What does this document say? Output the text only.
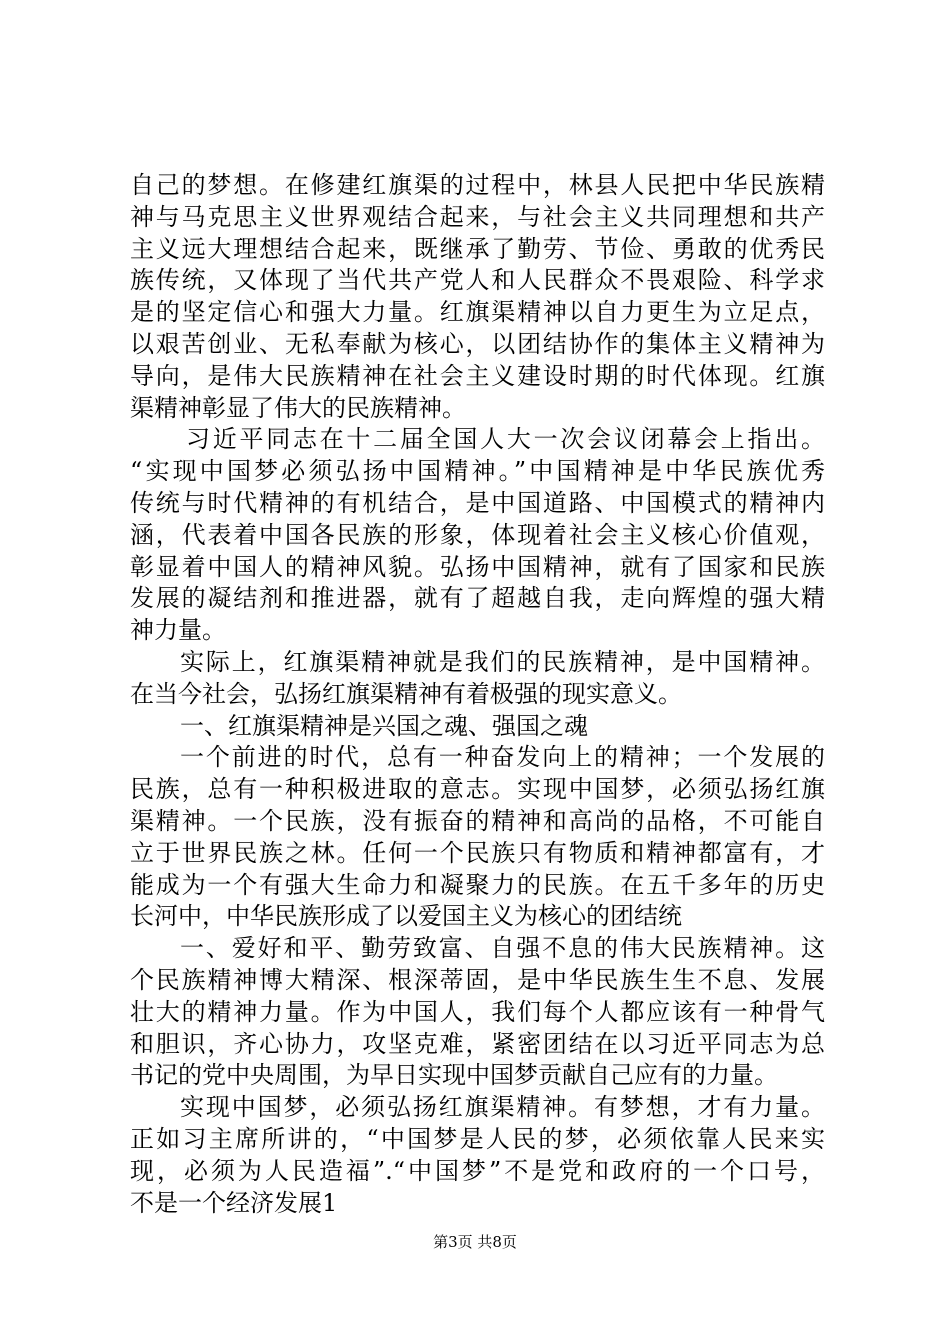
自己的梦想。在修建红旗渠的过程中，林县人民把中华民族精
神与马克思主义世界观结合起来，与社会主义共同理想和共产
主义远大理想结合起来，既继承了勤劳、节俭、勇敢的优秀民
族传统，又体现了当代共产党人和人民群众不畏艰险、科学求
是的坚定信心和强大力量。红旗渠精神以自力更生为立足点，
以艰苦创业、无私奉献为核心，以团结协作的集体主义精神为
导向，是伟大民族精神在社会主义建设时期的时代体现。红旗
渠精神彰显了伟大的民族精神。
习近平同志在十二届全国人大一次会议闭幕会上指出。
“实现中国梦必须弘扬中国精神。”中国精神是中华民族优秀
传统与时代精神的有机结合，是中国道路、中国模式的精神内
涵，代表着中国各民族的形象，体现着社会主义核心价值观，
彰显着中国人的精神风貌。弘扬中国精神，就有了国家和民族
发展的凝结剂和推进器，就有了超越自我，走向辉煌的强大精
神力量。
实际上，红旗渠精神就是我们的民族精神，是中国精神。
在当今社会，弘扬红旗渠精神有着极强的现实意义。
一、红旗渠精神是兴国之魂、强国之魂
一个前进的时代，总有一种奋发向上的精神；一个发展的
民族，总有一种积极进取的意志。实现中国梦，必须弘扬红旗
渠精神。一个民族，没有振奋的精神和高尚的品格，不可能自
立于世界民族之林。任何一个民族只有物质和精神都富有，才
能成为一个有强大生命力和凝聚力的民族。在五千多年的历史
长河中，中华民族形成了以爱国主义为核心的团结统
一、爱好和平、勤劳致富、自强不息的伟大民族精神。这
个民族精神博大精深、根深蒂固，是中华民族生生不息、发展
壮大的精神力量。作为中国人，我们每个人都应该有一种骨气
和胆识，齐心协力，攻坚克难，紧密团结在以习近平同志为总
书记的党中央周围，为早日实现中国梦贡献自己应有的力量。
实现中国梦，必须弘扬红旗渠精神。有梦想，才有力量。
正如习主席所讲的，“中国梦是人民的梦，必须依靠人民来实
现，必须为人民造福”.“中国梦”不是党和政府的一个口号，
不是一个经济发展1
第3页 共8页
